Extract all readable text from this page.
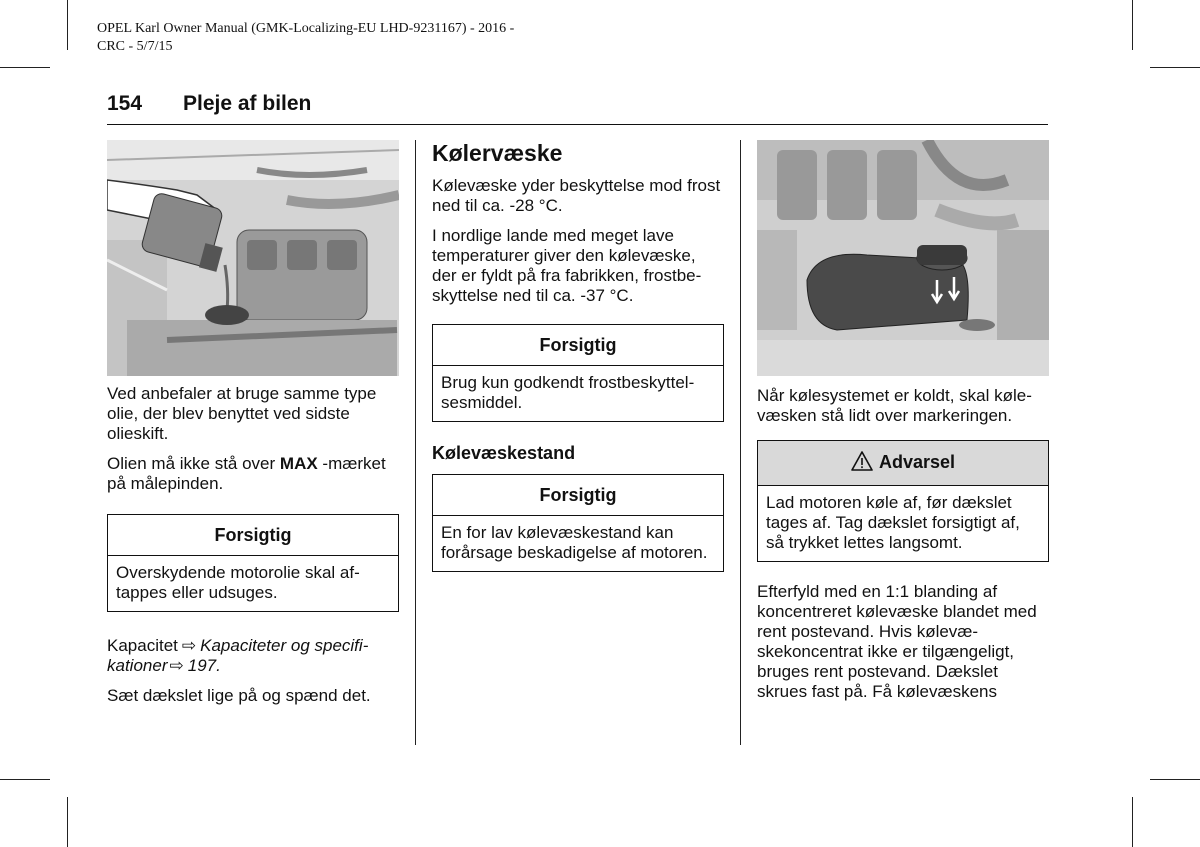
OPEL Karl Owner Manual (GMK-Localizing-EU LHD-9231167) - 2016 -
CRC - 5/7/15
154 Pleje af bilen

Ved anbefaler at bruge samme type olie, der blev benyttet ved sidste olieskift.

Olien må ikke stå over MAX -mærket på målepinden.

Forsigtig
Overskydende motorolie skal aftappes eller udsuges.

Kapacitet ⇨ Kapaciteter og specifikationer ⇨ 197.

Sæt dækslet lige på og spænd det.

Kølervæske

Kølevæske yder beskyttelse mod frost ned til ca. -28 °C.

I nordlige lande med meget lave temperaturer giver den kølevæske, der er fyldt på fra fabrikken, frostbeskyttelse ned til ca. -37 °C.

Forsigtig
Brug kun godkendt frostbeskyttelsesmiddel.
Kølevæskestand
Forsigtig
En for lav kølevæskestand kan forårsage beskadigelse af motoren.

Når kølesystemet er koldt, skal kølevæsken stå lidt over markeringen.

Advarsel
Lad motoren køle af, før dækslet tages af. Tag dækslet forsigtigt af, så trykket lettes langsomt.

Efterfyld med en 1:1 blanding af koncentreret kølevæske blandet med rent postevand. Hvis kølevæskekoncentrat ikke er tilgængeligt, bruges rent postevand. Dækslet skrues fast på. Få kølevæskens
